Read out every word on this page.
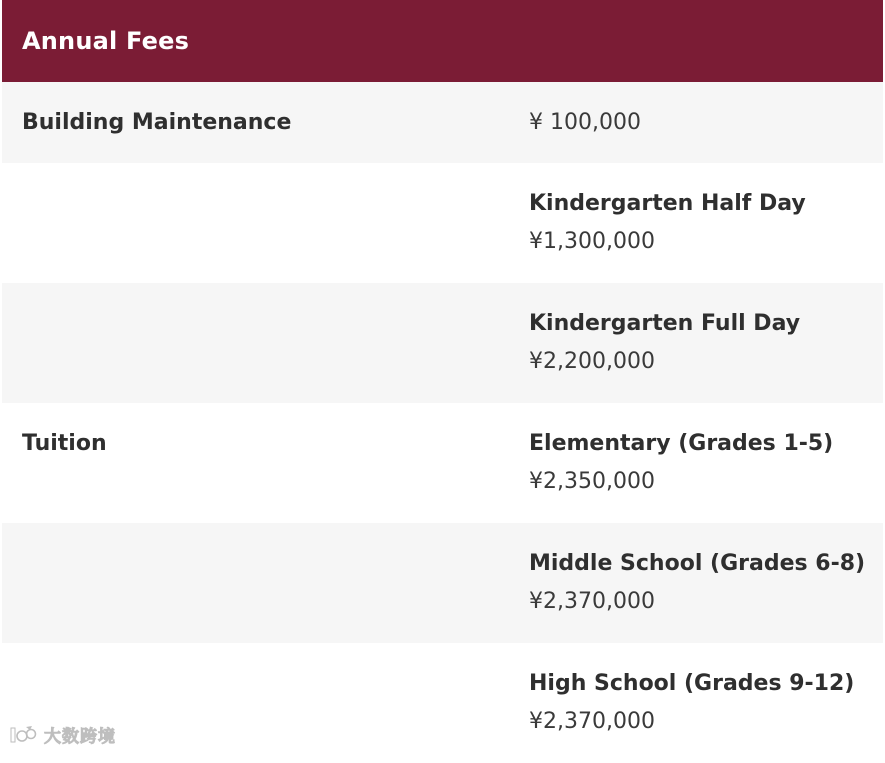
Annual Fees
Building Maintenance	¥ 100,000
Kindergarten Half Day
¥1,300,000
Kindergarten Full Day
¥2,200,000
Tuition	Elementary (Grades 1-5)
¥2,350,000
Middle School (Grades 6-8)
¥2,370,000
High School (Grades 9-12)
¥2,370,000
大数跨境
